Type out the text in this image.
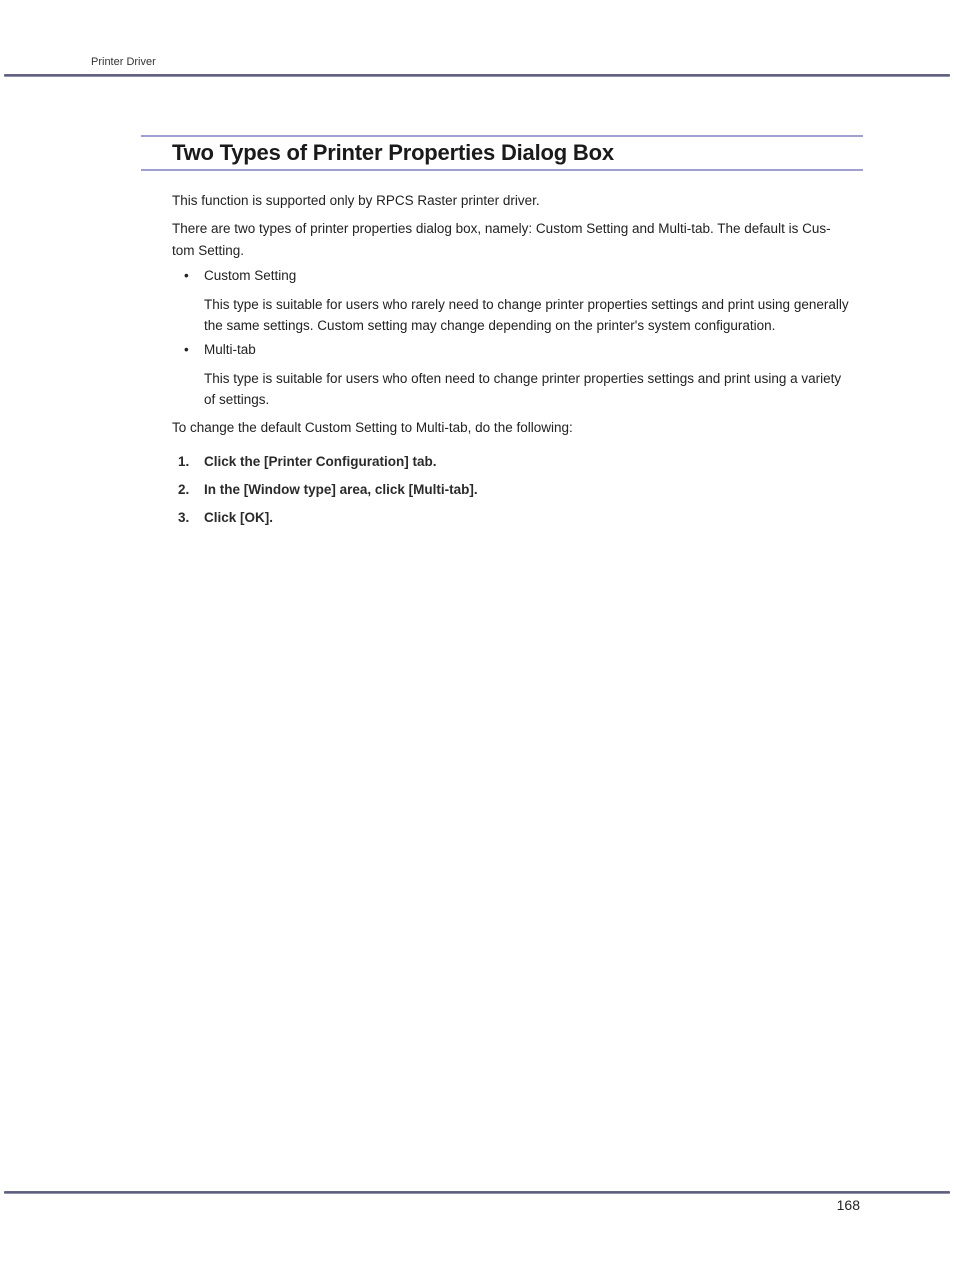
Printer Driver
Two Types of Printer Properties Dialog Box

This function is supported only by RPCS Raster printer driver.

There are two types of printer properties dialog box, namely: Custom Setting and Multi-tab. The default is Cus-

tom Setting.

• Custom Setting

This type is suitable for users who rarely need to change printer properties settings and print using generally

the same settings. Custom setting may change depending on the printer's system configuration.

• Multi-tab

This type is suitable for users who often need to change printer properties settings and print using a variety

of settings.

To change the default Custom Setting to Multi-tab, do the following:

1. Click the [Printer Configuration] tab.
2. In the [Window type] area, click [Multi-tab].
3. Click [OK].
168
